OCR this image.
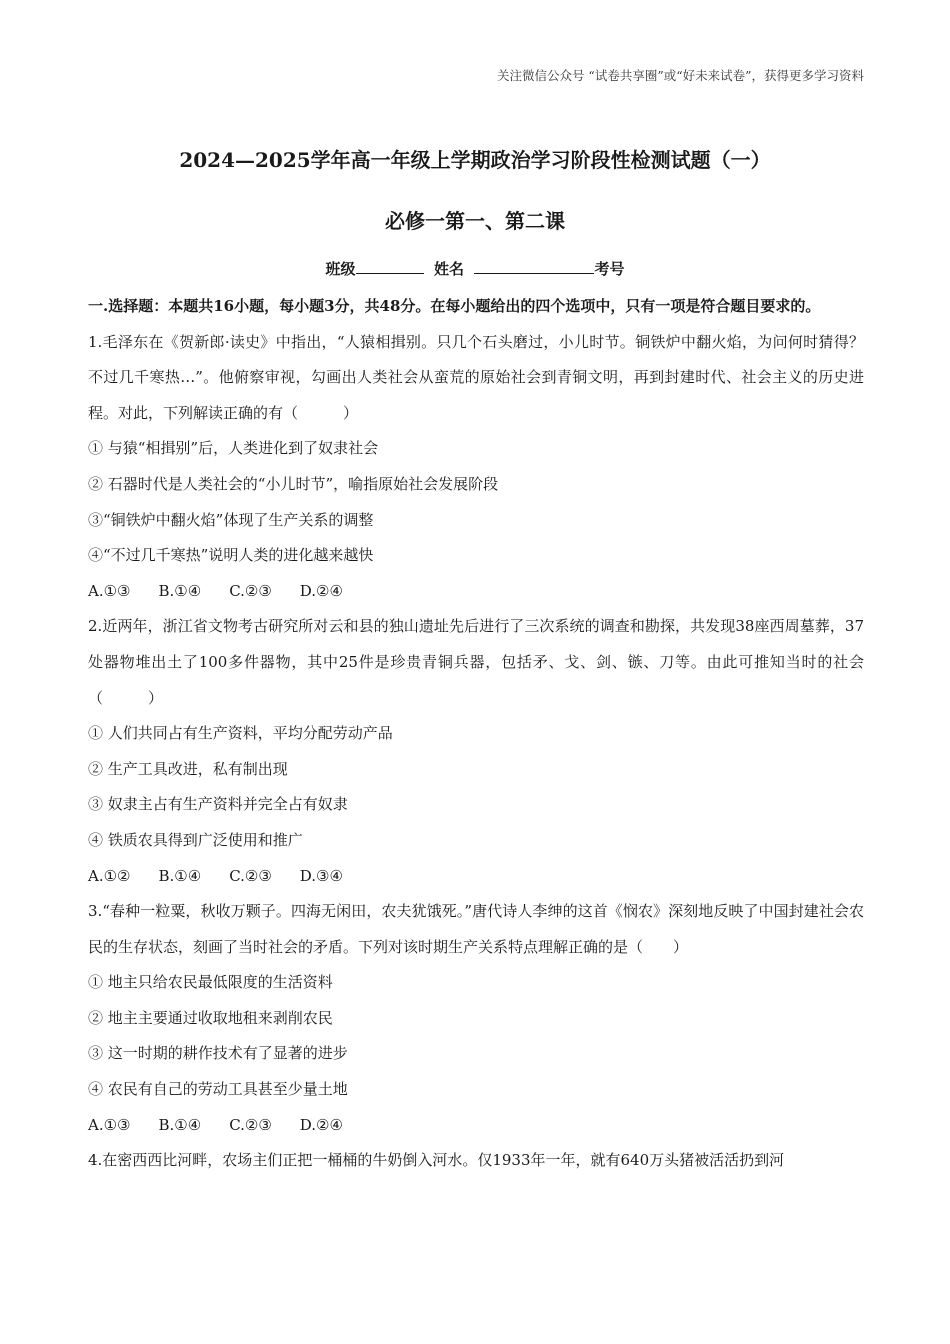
关注微信公众号 “试卷共享圈”或“好未来试卷”，获得更多学习资料
2024—2025学年高一年级上学期政治学习阶段性检测试题（一）
必修一第一、第二课
班级	姓名	考号
一.选择题：本题共16小题，每小题3分，共48分。在每小题给出的四个选项中，只有一项是符合题目要求的。
1.毛泽东在《贺新郎·读史》中指出，“人猿相揖别。只几个石头磨过，小儿时节。铜铁炉中翻火焰，为问何时猜得？不过几千寒热…”。他俯察审视，勾画出人类社会从蛮荒的原始社会到青铜文明，再到封建时代、社会主义的历史进程。对此，下列解读正确的有（　　　）
① 与猿“相揖别”后，人类进化到了奴隶社会
② 石器时代是人类社会的“小儿时节”，喻指原始社会发展阶段
③“铜铁炉中翻火焰”体现了生产关系的调整
④“不过几千寒热”说明人类的进化越来越快
A.①③ B.①④ C.②③ D.②④
2.近两年，浙江省文物考古研究所对云和县的独山遗址先后进行了三次系统的调查和勘探，共发现38座西周墓葬，37处器物堆出土了100多件器物，其中25件是珍贵青铜兵器，包括矛、戈、剑、镞、刀等。由此可推知当时的社会（　　　）
① 人们共同占有生产资料，平均分配劳动产品
② 生产工具改进，私有制出现
③ 奴隶主占有生产资料并完全占有奴隶
④ 铁质农具得到广泛使用和推广
A.①② B.①④ C.②③ D.③④
3.“春种一粒粟，秋收万颗子。四海无闲田，农夫犹饿死。”唐代诗人李绅的这首《悯农》深刻地反映了中国封建社会农民的生存状态，刻画了当时社会的矛盾。下列对该时期生产关系特点理解正确的是（　　）
① 地主只给农民最低限度的生活资料
② 地主主要通过收取地租来剥削农民
③ 这一时期的耕作技术有了显著的进步
④ 农民有自己的劳动工具甚至少量土地
A.①③ B.①④ C.②③ D.②④
4.在密西西比河畔，农场主们正把一桶桶的牛奶倒入河水。仅1933年一年，就有640万头猪被活活扔到河
